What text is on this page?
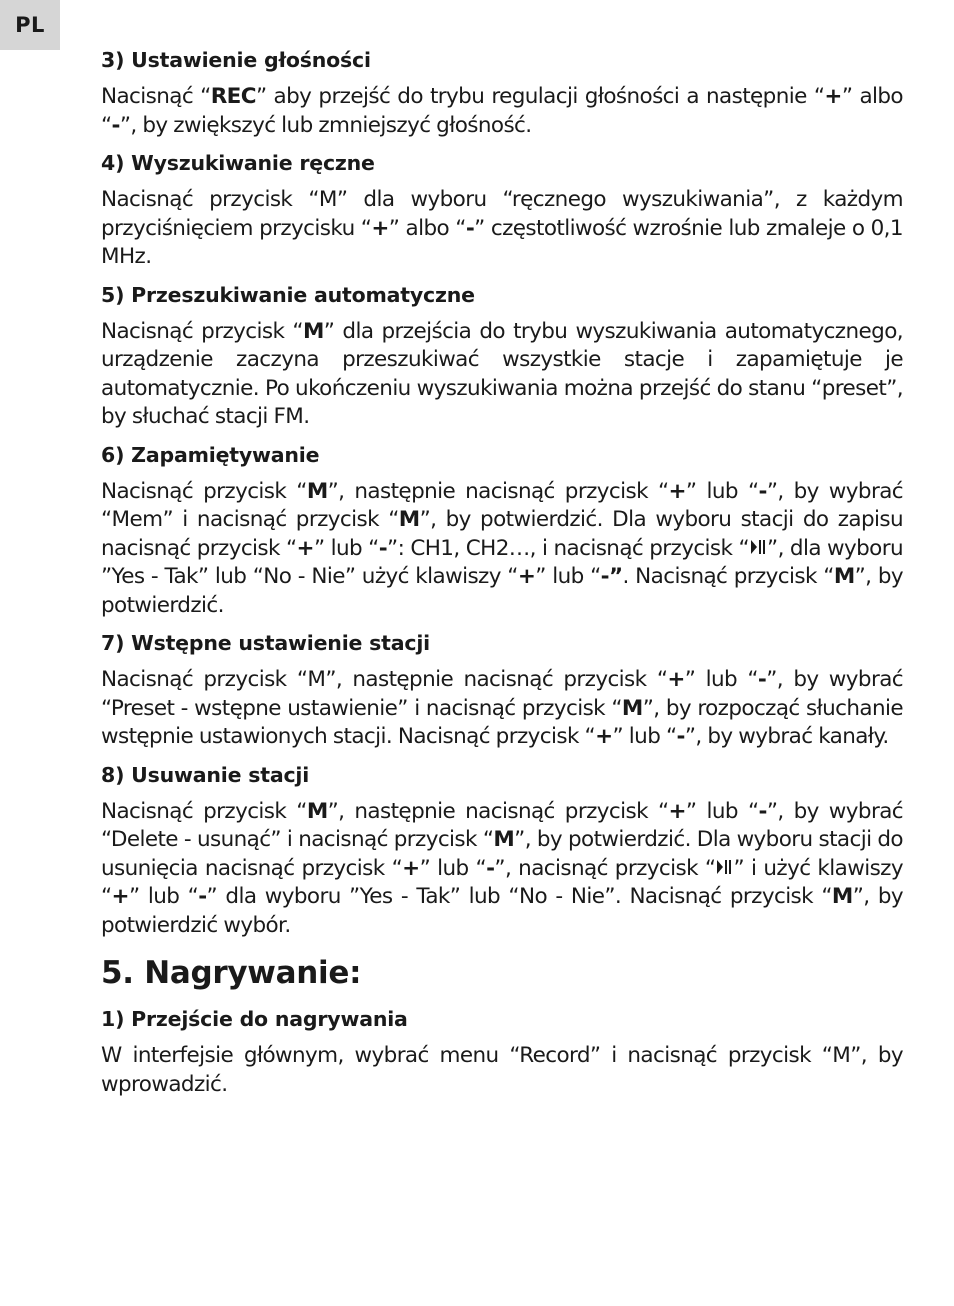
PL
3) Ustawienie głośności
Nacisnąć “REC” aby przejść do trybu regulacji głośności a następnie “+” albo “-”, by zwiększyć lub zmniejszyć głośność.
4) Wyszukiwanie ręczne
Nacisnąć przycisk “M” dla wyboru “ręcznego wyszukiwania”, z każdym przyciśnięciem przycisku “+” albo “-” częstotliwość wzrośnie lub zmaleje o 0,1 MHz.
5) Przeszukiwanie automatyczne
Nacisnąć przycisk “M” dla przejścia do trybu wyszukiwania automatycznego, urządzenie zaczyna przeszukiwać wszystkie stacje i zapamiętuje je automatycznie. Po ukończeniu wyszukiwania można przejść do stanu “preset”, by słuchać stacji FM.
6) Zapamiętywanie
Nacisnąć przycisk “M”, następnie nacisnąć przycisk “+” lub “-”, by wybrać “Mem” i nacisnąć przycisk “M”, by potwierdzić. Dla wyboru stacji do zapisu nacisnąć przycisk “+” lub “-”: CH1, CH2…, i nacisnąć przycisk “ ”, dla wyboru ”Yes - Tak” lub “No - Nie” użyć klawiszy “+” lub “-”. Nacisnąć przycisk “M”, by potwierdzić.
7) Wstępne ustawienie stacji
Nacisnąć przycisk “M”, następnie nacisnąć przycisk “+” lub “-”, by wybrać “Preset - wstępne ustawienie” i nacisnąć przycisk “M”, by rozpocząć słuchanie wstępnie ustawionych stacji. Nacisnąć przycisk “+” lub “-”, by wybrać kanały.
8) Usuwanie stacji
Nacisnąć przycisk “M”, następnie nacisnąć przycisk “+” lub “-”, by wybrać “Delete - usunąć” i nacisnąć przycisk “M”, by potwierdzić. Dla wyboru stacji do usunięcia nacisnąć przycisk “+” lub “-”, nacisnąć przycisk “ ” i użyć klawiszy “+” lub “-” dla wyboru ”Yes - Tak” lub “No - Nie”. Nacisnąć przycisk “M”, by potwierdzić wybór.
5. Nagrywanie:
1) Przejście do nagrywania
W interfejsie głównym, wybrać menu “Record” i nacisnąć przycisk “M”, by wprowadzić.
